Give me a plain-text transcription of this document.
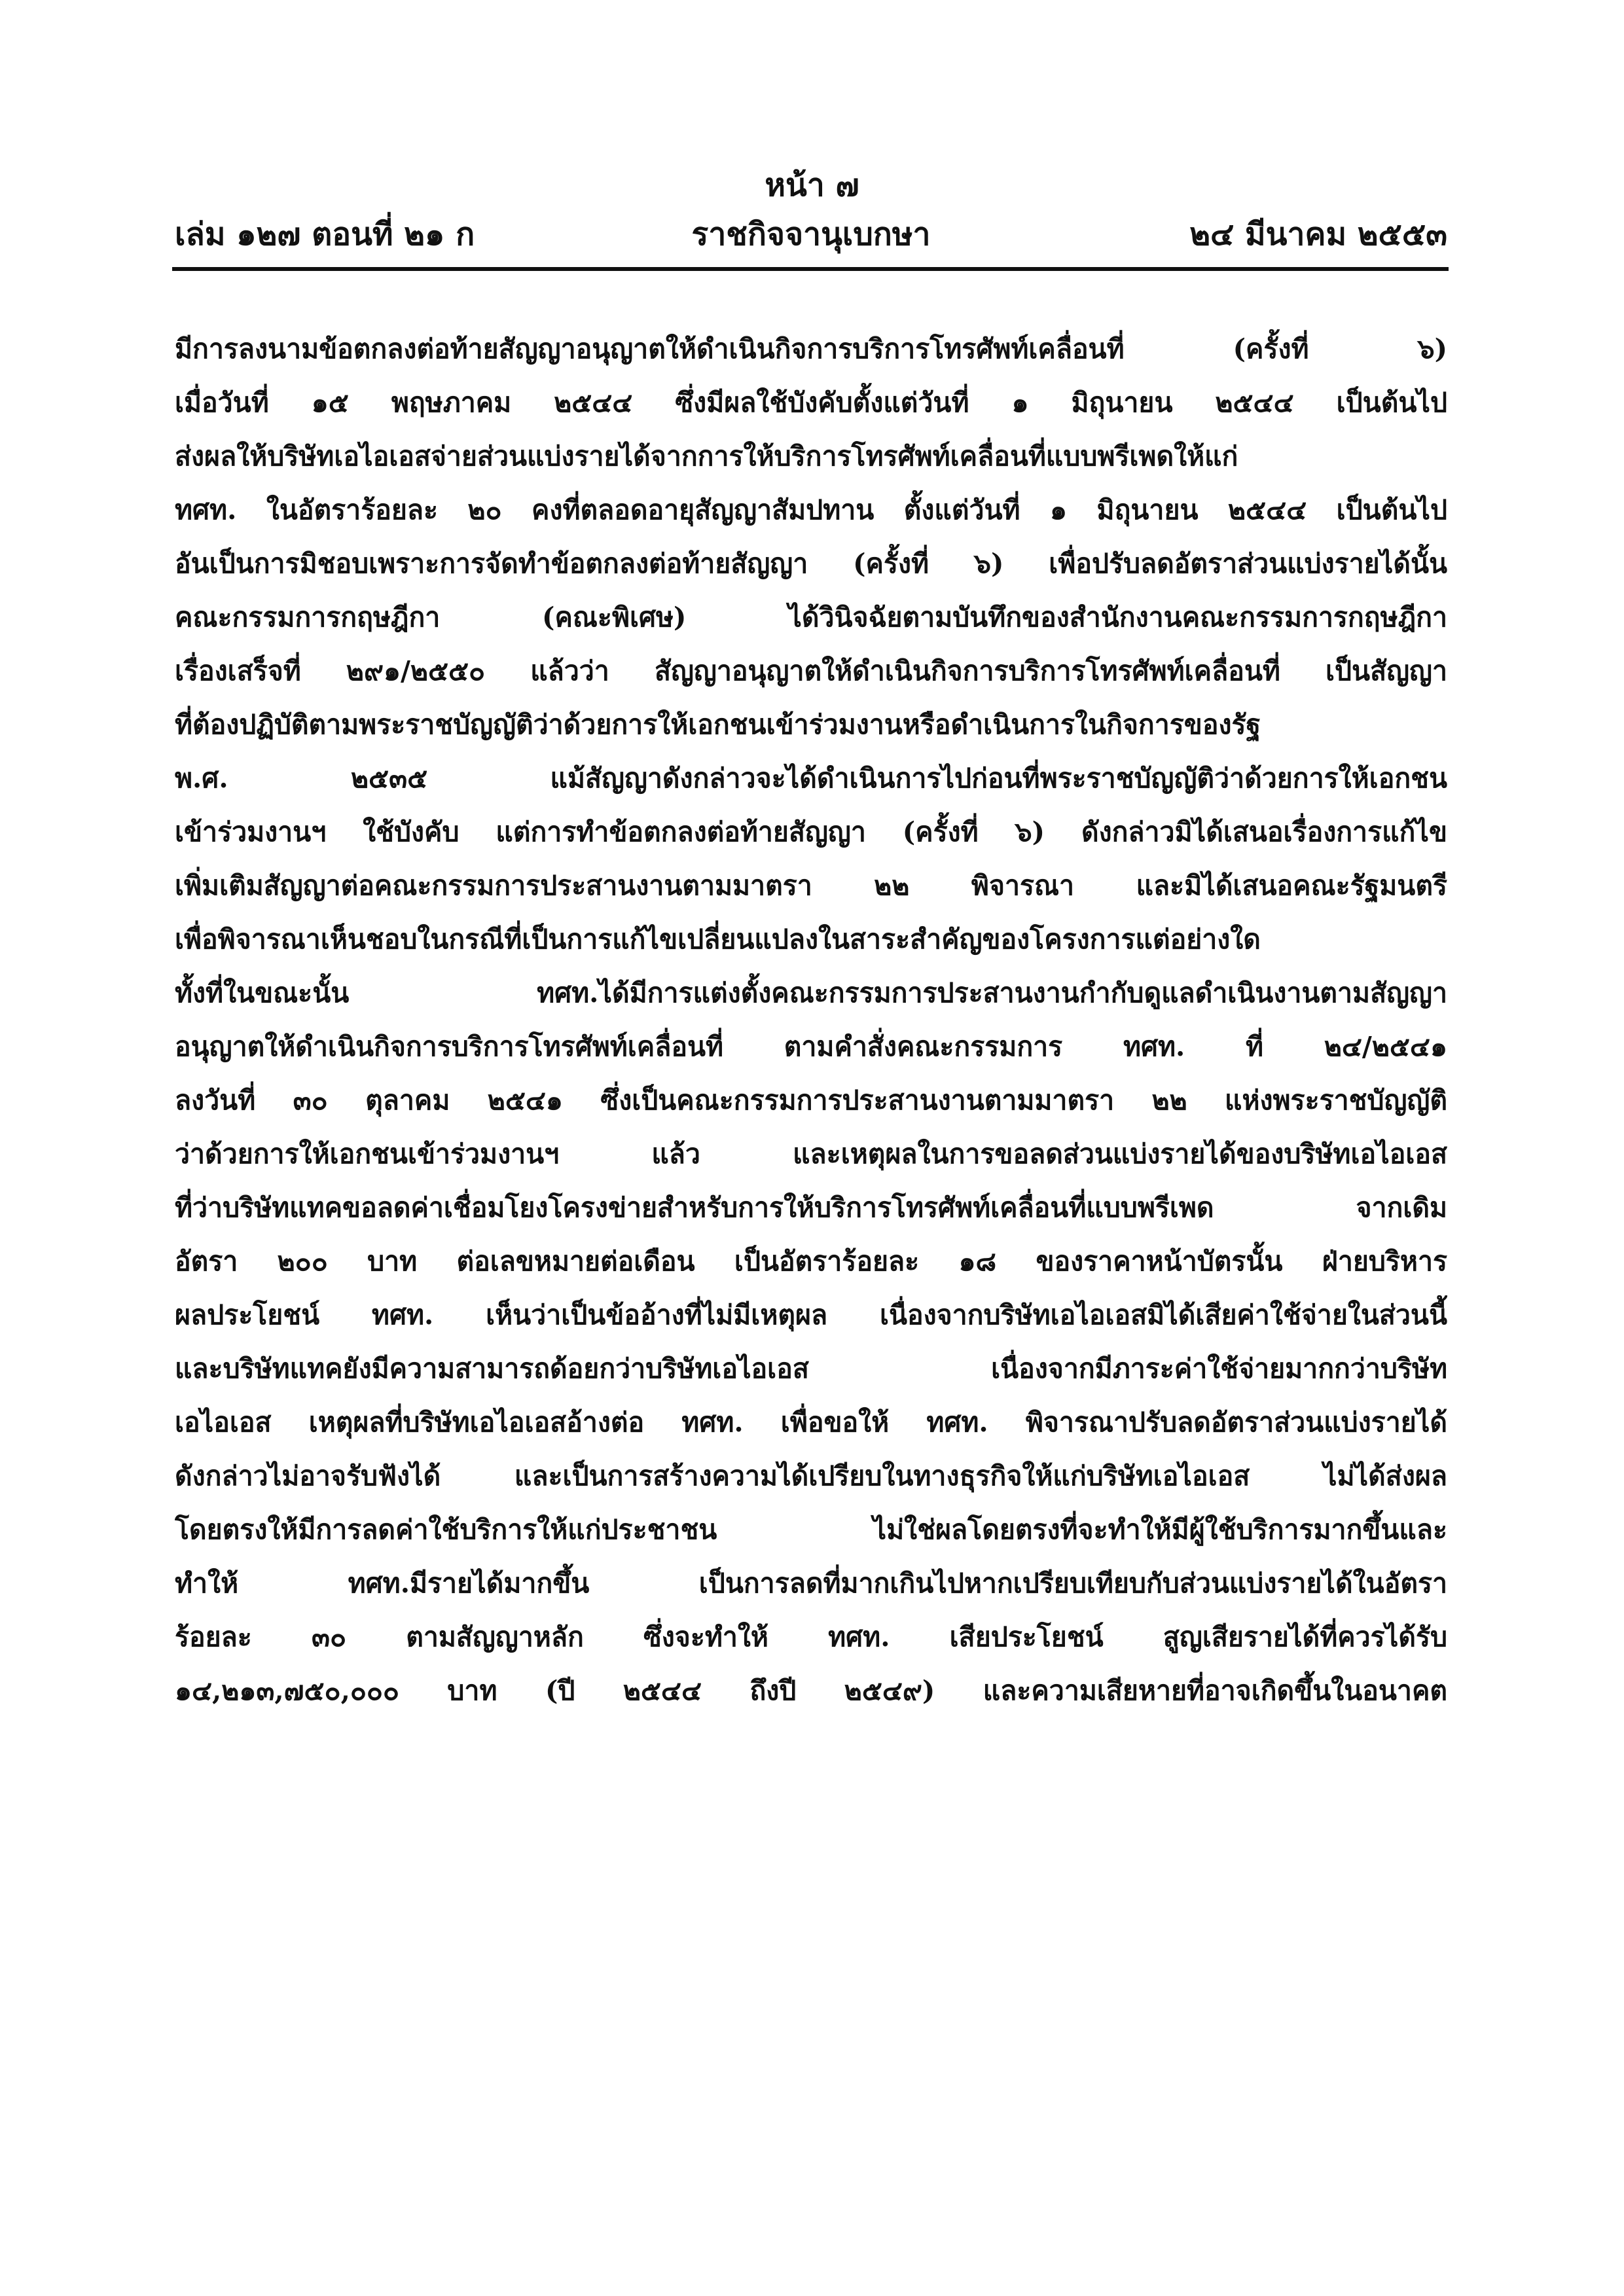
หน้า ๗
ราชกิจจานุเบกษา
เล่ม ๑๒๗ ตอนที่ ๒๑ ก	๒๔ มีนาคม ๒๕๕๓
มีการลงนามข้อตกลงต่อท้ายสัญญาอนุญาตให้ดำเนินกิจการบริการโทรศัพท์เคลื่อนที่ (ครั้งที่ ๖)
เมื่อวันที่ ๑๕ พฤษภาคม ๒๕๔๔ ซึ่งมีผลใช้บังคับตั้งแต่วันที่ ๑ มิถุนายน ๒๕๔๔ เป็นต้นไป
ส่งผลให้บริษัทเอไอเอสจ่ายส่วนแบ่งรายได้จากการให้บริการโทรศัพท์เคลื่อนที่แบบพรีเพดให้แก่
ทศท. ในอัตราร้อยละ ๒๐ คงที่ตลอดอายุสัญญาสัมปทาน ตั้งแต่วันที่ ๑ มิถุนายน ๒๕๔๔ เป็นต้นไป
อันเป็นการมิชอบเพราะการจัดทำข้อตกลงต่อท้ายสัญญา (ครั้งที่ ๖) เพื่อปรับลดอัตราส่วนแบ่งรายได้นั้น
คณะกรรมการกฤษฎีกา (คณะพิเศษ) ได้วินิจฉัยตามบันทึกของสำนักงานคณะกรรมการกฤษฎีกา
เรื่องเสร็จที่ ๒๙๑/๒๕๕๐ แล้วว่า สัญญาอนุญาตให้ดำเนินกิจการบริการโทรศัพท์เคลื่อนที่ เป็นสัญญา
ที่ต้องปฏิบัติตามพระราชบัญญัติว่าด้วยการให้เอกชนเข้าร่วมงานหรือดำเนินการในกิจการของรัฐ
พ.ศ. ๒๕๓๕ แม้สัญญาดังกล่าวจะได้ดำเนินการไปก่อนที่พระราชบัญญัติว่าด้วยการให้เอกชน
เข้าร่วมงานฯ ใช้บังคับ แต่การทำข้อตกลงต่อท้ายสัญญา (ครั้งที่ ๖) ดังกล่าวมิได้เสนอเรื่องการแก้ไข
เพิ่มเติมสัญญาต่อคณะกรรมการประสานงานตามมาตรา ๒๒ พิจารณา และมิได้เสนอคณะรัฐมนตรี
เพื่อพิจารณาเห็นชอบในกรณีที่เป็นการแก้ไขเปลี่ยนแปลงในสาระสำคัญของโครงการแต่อย่างใด
ทั้งที่ในขณะนั้น ทศท.ได้มีการแต่งตั้งคณะกรรมการประสานงานกำกับดูแลดำเนินงานตามสัญญา
อนุญาตให้ดำเนินกิจการบริการโทรศัพท์เคลื่อนที่ ตามคำสั่งคณะกรรมการ ทศท. ที่ ๒๔/๒๕๔๑
ลงวันที่ ๓๐ ตุลาคม ๒๕๔๑ ซึ่งเป็นคณะกรรมการประสานงานตามมาตรา ๒๒ แห่งพระราชบัญญัติ
ว่าด้วยการให้เอกชนเข้าร่วมงานฯ แล้ว และเหตุผลในการขอลดส่วนแบ่งรายได้ของบริษัทเอไอเอส
ที่ว่าบริษัทแทคขอลดค่าเชื่อมโยงโครงข่ายสำหรับการให้บริการโทรศัพท์เคลื่อนที่แบบพรีเพด จากเดิม
อัตรา ๒๐๐ บาท ต่อเลขหมายต่อเดือน เป็นอัตราร้อยละ ๑๘ ของราคาหน้าบัตรนั้น ฝ่ายบริหาร
ผลประโยชน์ ทศท. เห็นว่าเป็นข้ออ้างที่ไม่มีเหตุผล เนื่องจากบริษัทเอไอเอสมิได้เสียค่าใช้จ่ายในส่วนนี้
และบริษัทแทคยังมีความสามารถด้อยกว่าบริษัทเอไอเอส เนื่องจากมีภาระค่าใช้จ่ายมากกว่าบริษัท
เอไอเอส เหตุผลที่บริษัทเอไอเอสอ้างต่อ ทศท. เพื่อขอให้ ทศท. พิจารณาปรับลดอัตราส่วนแบ่งรายได้
ดังกล่าวไม่อาจรับฟังได้ และเป็นการสร้างความได้เปรียบในทางธุรกิจให้แก่บริษัทเอไอเอส ไม่ได้ส่งผล
โดยตรงให้มีการลดค่าใช้บริการให้แก่ประชาชน ไม่ใช่ผลโดยตรงที่จะทำให้มีผู้ใช้บริการมากขึ้นและ
ทำให้ ทศท.มีรายได้มากขึ้น เป็นการลดที่มากเกินไปหากเปรียบเทียบกับส่วนแบ่งรายได้ในอัตรา
ร้อยละ ๓๐ ตามสัญญาหลัก ซึ่งจะทำให้ ทศท. เสียประโยชน์ สูญเสียรายได้ที่ควรได้รับ
๑๔,๒๑๓,๗๕๐,๐๐๐ บาท (ปี ๒๕๔๔ ถึงปี ๒๕๔๙) และความเสียหายที่อาจเกิดขึ้นในอนาคต
